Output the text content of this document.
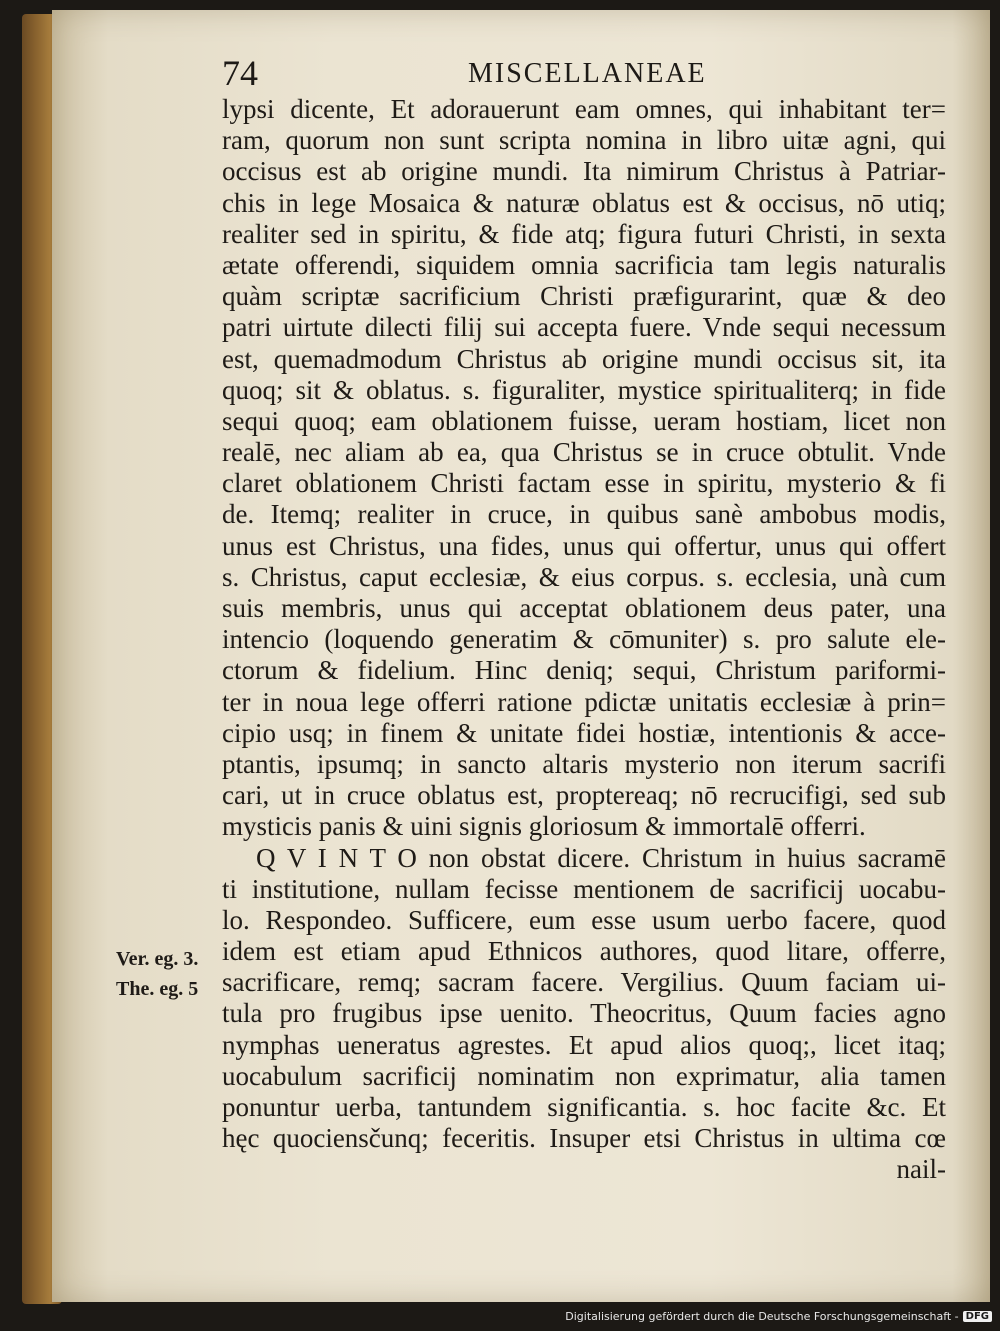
74	MISCELLANEAE
lypsi dicente, Et adorauerunt eam omnes, qui inhabitant ter=
ram, quorum non sunt scripta nomina in libro uitæ agni, qui
occisus est ab origine mundi. Ita nimirum Christus à Patriar-
chis in lege Mosaica & naturæ oblatus est & occisus, nō utiq;
realiter sed in spiritu, & fide atq; figura futuri Christi, in sexta
ætate offerendi, siquidem omnia sacrificia tam legis naturalis
quàm scriptæ sacrificium Christi præfigurarint, quæ & deo
patri uirtute dilecti filij sui accepta fuere. Vnde sequi necessum
est, quemadmodum Christus ab origine mundi occisus sit, ita
quoq; sit & oblatus. s. figuraliter, mystice spiritualiterq; in fide
sequi quoq; eam oblationem fuisse, ueram hostiam, licet non
realē, nec aliam ab ea, qua Christus se in cruce obtulit. Vnde
claret oblationem Christi factam esse in spiritu, mysterio & fi
de. Itemq; realiter in cruce, in quibus sanè ambobus modis,
unus est Christus, una fides, unus qui offertur, unus qui offert
s. Christus, caput ecclesiæ, & eius corpus. s. ecclesia, unà cum
suis membris, unus qui acceptat oblationem deus pater, una
intencio (loquendo generatim & cōmuniter) s. pro salute ele-
ctorum & fidelium. Hinc deniq; sequi, Christum pariformi-
ter in noua lege offerri ratione pdictæ unitatis ecclesiæ à prin=
cipio usq; in finem & unitate fidei hostiæ, intentionis & acce-
ptantis, ipsumq; in sancto altaris mysterio non iterum sacrifi
cari, ut in cruce oblatus est, proptereaq; nō recrucifigi, sed sub
mysticis panis & uini signis gloriosum & immortalē offerri.
Q V I N T O non obstat dicere. Christum in huius sacramē
ti institutione, nullam fecisse mentionem de sacrificij uocabu-
lo. Respondeo. Sufficere, eum esse usum uerbo facere, quod
idem est etiam apud Ethnicos authores, quod litare, offerre,
sacrificare, remq; sacram facere. Vergilius. Quum faciam ui-
tula pro frugibus ipse uenito. Theocritus, Quum facies agno
nymphas ueneratus agrestes. Et apud alios quoq;, licet itaq;
uocabulum sacrificij nominatim non exprimatur, alia tamen
ponuntur uerba, tantundem significantia. s. hoc facite &c. Et
hęc quociensčunq; feceritis. Insuper etsi Christus in ultima cœ
nail-
Ver. eg. 3.
The. eg. 5
Digitalisierung gefördert durch die Deutsche Forschungsgemeinschaft - DFG
